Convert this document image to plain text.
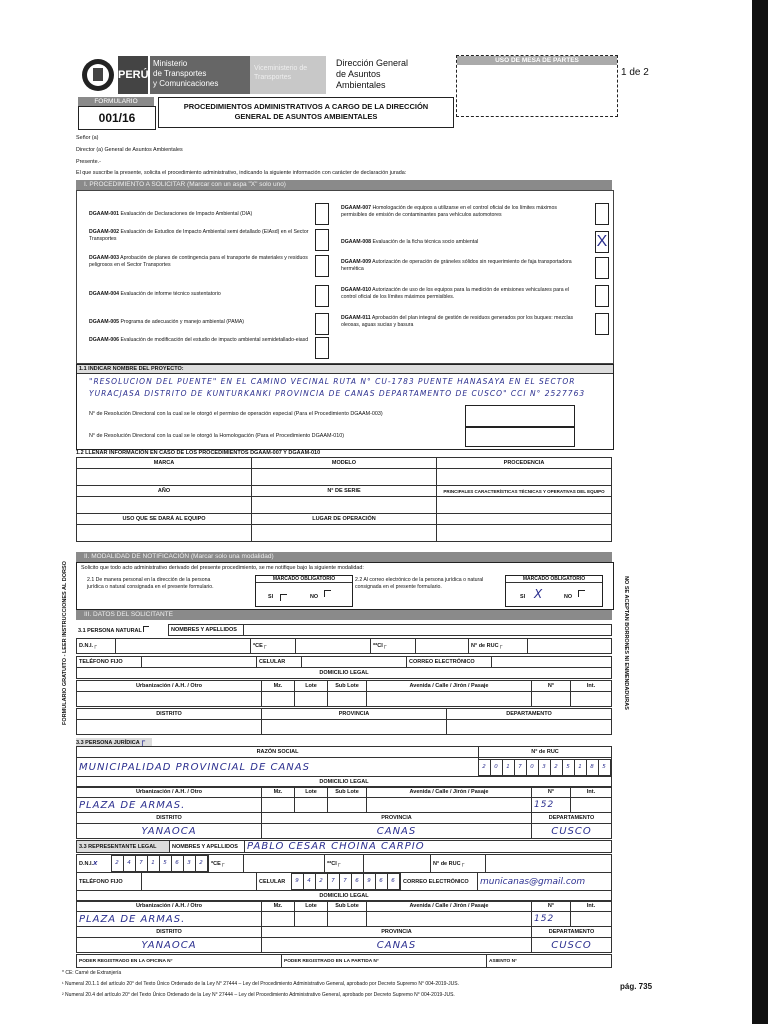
PERÚ
Ministerio
de Transportes
y Comunicaciones
Viceministerio de Transportes
Dirección General
de Asuntos
Ambientales
USO DE MESA DE PARTES
1 de 2
FORMULARIO
001/16
PROCEDIMIENTOS ADMINISTRATIVOS A CARGO DE LA DIRECCIÓN GENERAL DE ASUNTOS AMBIENTALES
Señor (a)
Director (a) General de Asuntos Ambientales
Presente.-
El que suscribe la presente, solicita el procedimiento administrativo, indicando la siguiente información con carácter de declaración jurada:
I. PROCEDIMIENTO A SOLICITAR (Marcar con un aspa "X" solo uno)
DGAAM-001 Evaluación de Declaraciones de Impacto Ambiental (DIA)
DGAAM-002 Evaluación de Estudios de Impacto Ambiental semi detallado (EIAsd) en el Sector Transportes
DGAAM-003 Aprobación de planes de contingencia para el transporte de materiales y residuos peligrosos en el Sector Transportes
DGAAM-004 Evaluación de informe técnico sustentatorio
DGAAM-005 Programa de adecuación y manejo ambiental (PAMA)
DGAAM-006 Evaluación de modificación del estudio de impacto ambiental semidetallado-eiasd
DGAAM-007 Homologación de equipos a utilizarse en el control oficial de los límites máximos permisibles de emisión de contaminantes para vehículos automotores
DGAAM-008 Evaluación de la ficha técnica socio ambiental	X
DGAAM-009 Autorización de operación de gráneles sólidos sin requerimiento de faja transportadora hermética
DGAAM-010 Autorización de uso de los equipos para la medición de emisiones vehiculares para el control oficial de los límites máximos permisibles.
DGAAM-011 Aprobación del plan integral de gestión de residuos generados por los buques: mezclas oleosas, aguas sucias y basura
1.1 INDICAR NOMBRE DEL PROYECTO:
"RESOLUCION DEL PUENTE" EN EL CAMINO VECINAL RUTA N° CU-1783 PUENTE HANASAYA EN EL SECTOR
YURACJASA DISTRITO DE KUNTURKANKI PROVINCIA DE CANAS DEPARTAMENTO DE CUSCO" CCI N° 2527763
N° de Resolución Directoral con la cual se le otorgó el permiso de operación especial (Para el Procedimiento DGAAM-003)
N° de Resolución Directoral con la cual se le otorgó la Homologación (Para el Procedimiento DGAAM-010)
1.2 LLENAR INFORMACIÓN EN CASO DE LOS PROCEDIMIENTOS DGAAM-007 Y DGAAM-010
MARCA	MODELO	PROCEDENCIA

AÑO	N° DE SERIE	PRINCIPALES CARACTERÍSTICAS TÉCNICAS Y OPERATIVAS DEL EQUIPO

USO QUE SE DARÁ AL EQUIPO	LUGAR DE OPERACIÓN	

II. MODALIDAD DE NOTIFICACIÓN (Marcar solo una modalidad)
Solicito que todo acto administrativo derivado del presente procedimiento, se me notifique bajo la siguiente modalidad:
2.1 De manera personal en la dirección de la persona jurídica o natural consignada en el presente formulario.
MARCADO OBLIGATORIO
SI	NO
2.2 Al correo electrónico de la persona jurídica o natural consignada en el presente formulario.
MARCADO OBLIGATORIO
SI X	NO
III. DATOS DEL SOLICITANTE
3.1 PERSONA NATURAL	NOMBRES Y APELLIDOS	
D.N.I.┌		*CE┌		**CI┌		N° de RUC┌	
TELÉFONO FIJO		CELULAR		CORREO ELECTRÓNICO	
DOMICILIO LEGAL
Urbanización / A.H. / Otro	Mz.	Lote	Sub Lote	Avenida / Calle / Jirón / Pasaje	N°	Int.

DISTRITO	PROVINCIA	DEPARTAMENTO

3.3 PERSONA JURÍDICA┌
RAZÓN SOCIAL	N° de RUC
MUNICIPALIDAD PROVINCIAL DE CANAS	2 0 1 7 0 3 2 5 1 8 5
DOMICILIO LEGAL	
Urbanización / A.H. / Otro	Mz.	Lote	Sub Lote	Avenida / Calle / Jirón / Pasaje	N°	Int.
PLAZA DE ARMAS.					152	
DISTRITO	PROVINCIA				DEPARTAMENTO	
YANAOCA	CANAS				CUSCO	
3.3 REPRESENTANTE LEGAL	NOMBRES Y APELLIDOS	PABLO CESAR CHOIÑA CARPIO
D.N.I.X	2 4 7 1 5 6 3 2	*CE┌		**CI┌		N° de RUC┌	
TELÉFONO FIJO		CELULAR	9 4 2 7 7 6 9 6 6	CORREO ELECTRÓNICO	municanas@gmail.com
DOMICILIO LEGAL
Urbanización / A.H. / Otro	Mz.	Lote	Sub Lote	Avenida / Calle / Jirón / Pasaje	N°	Int.
PLAZA DE ARMAS.					152	
DISTRITO	PROVINCIA				DEPARTAMENTO	
YANAOCA	CANAS				CUSCO	
PODER REGISTRADO EN LA OFICINA N°	PODER REGISTRADO EN LA PARTIDA N°	ASIENTO N°
FORMULARIO GRATUITO - LEER INSTRUCCIONES AL DORSO	NO SE ACEPTAN BORRONES NI ENMENDADURAS
* CE: Carné de Extranjería
¹ Numeral 20.1.1 del artículo 20° del Texto Único Ordenado de la Ley N° 27444 – Ley del Procedimiento Administrativo General, aprobado por Decreto Supremo N° 004-2019-JUS.
² Numeral 20.4 del artículo 20° del Texto Único Ordenado de la Ley N° 27444 – Ley del Procedimiento Administrativo General, aprobado por Decreto Supremo N° 004-2019-JUS.
pág. 735
